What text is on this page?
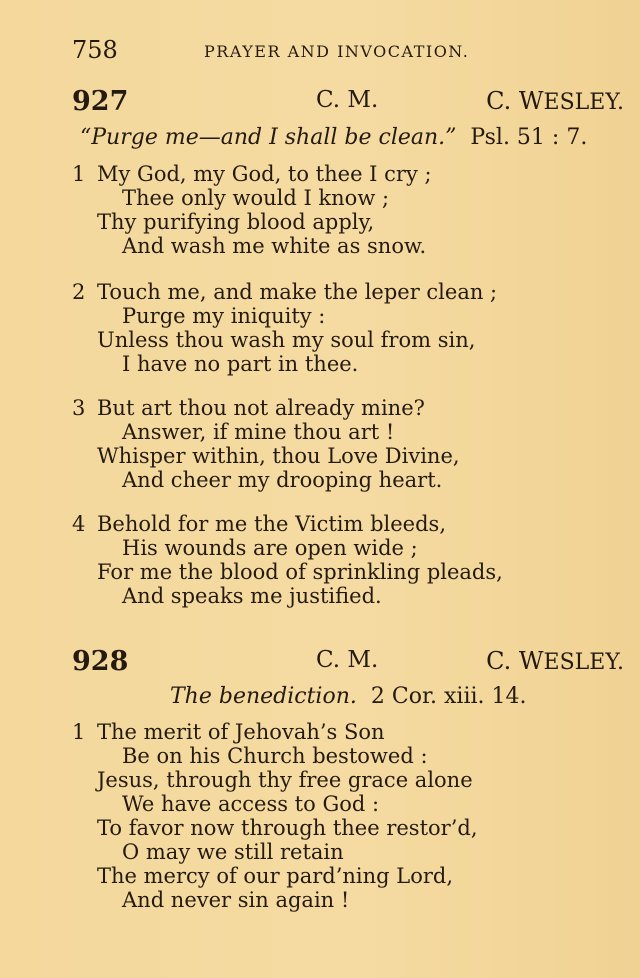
758	PRAYER AND INVOCATION.
927	C. M.	C. WESLEY.
“Purge me—and I shall be clean.” Psl. 51 : 7.
1 My God, my God, to thee I cry ;
Thee only would I know ;
Thy purifying blood apply,
And wash me white as snow.
2 Touch me, and make the leper clean ;
Purge my iniquity :
Unless thou wash my soul from sin,
I have no part in thee.
3 But art thou not already mine?
Answer, if mine thou art !
Whisper within, thou Love Divine,
And cheer my drooping heart.
4 Behold for me the Victim bleeds,
His wounds are open wide ;
For me the blood of sprinkling pleads,
And speaks me justified.
928	C. M.	C. WESLEY.
The benediction. 2 Cor. xiii. 14.
1 The merit of Jehovah’s Son
Be on his Church bestowed :
Jesus, through thy free grace alone
We have access to God :
To favor now through thee restor’d,
O may we still retain
The mercy of our pard’ning Lord,
And never sin again !
